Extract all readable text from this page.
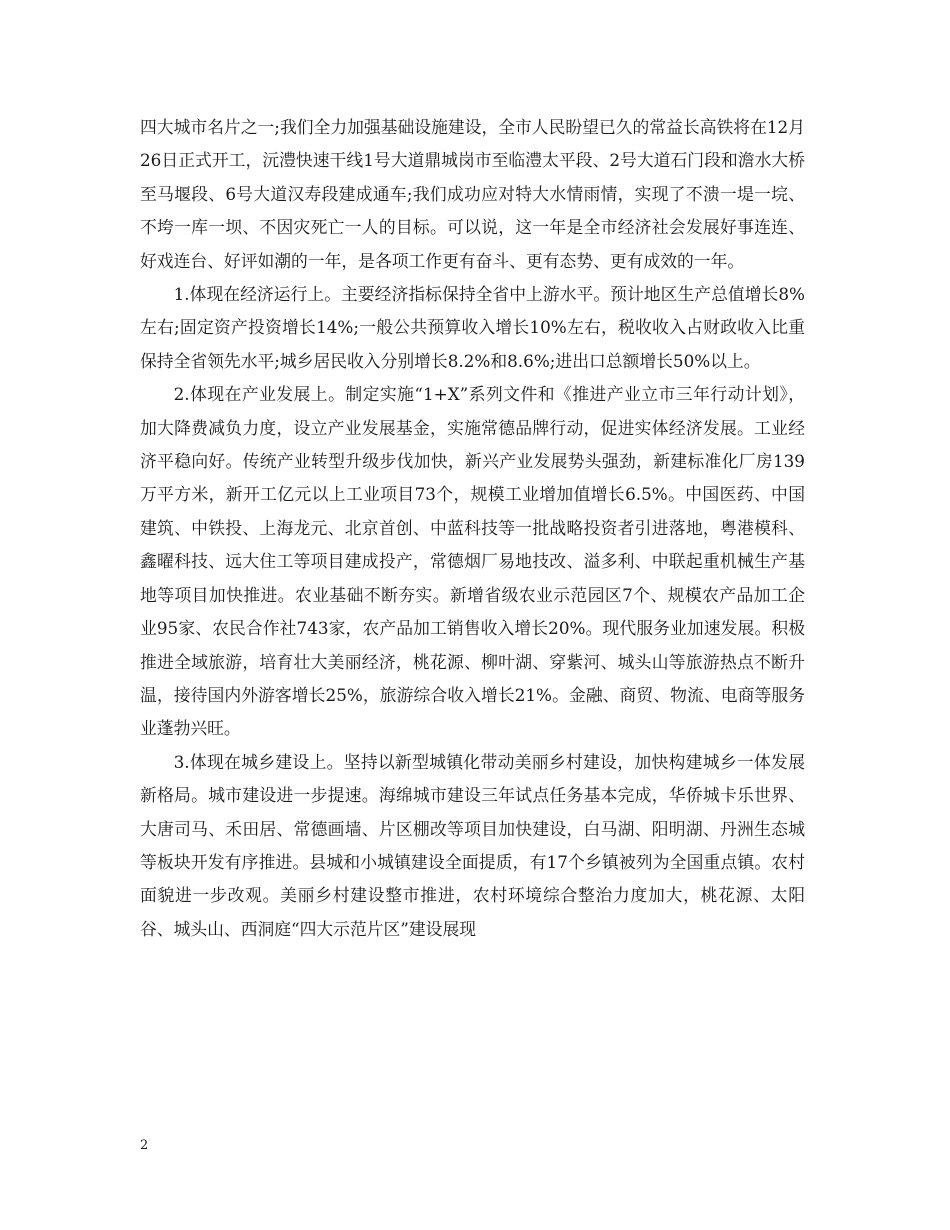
四大城市名片之一;我们全力加强基础设施建设，全市人民盼望已久的常益长高铁将在12月26日正式开工，沅澧快速干线1号大道鼎城岗市至临澧太平段、2号大道石门段和澹水大桥至马堰段、6号大道汉寿段建成通车;我们成功应对特大水情雨情，实现了不溃一堤一垸、不垮一库一坝、不因灾死亡一人的目标。可以说，这一年是全市经济社会发展好事连连、好戏连台、好评如潮的一年，是各项工作更有奋斗、更有态势、更有成效的一年。

1.体现在经济运行上。主要经济指标保持全省中上游水平。预计地区生产总值增长8%左右;固定资产投资增长14%;一般公共预算收入增长10%左右，税收收入占财政收入比重保持全省领先水平;城乡居民收入分别增长8.2%和8.6%;进出口总额增长50%以上。

2.体现在产业发展上。制定实施“1+X”系列文件和《推进产业立市三年行动计划》，加大降费减负力度，设立产业发展基金，实施常德品牌行动，促进实体经济发展。工业经济平稳向好。传统产业转型升级步伐加快，新兴产业发展势头强劲，新建标准化厂房139万平方米，新开工亿元以上工业项目73个，规模工业增加值增长6.5%。中国医药、中国建筑、中铁投、上海龙元、北京首创、中蓝科技等一批战略投资者引进落地，粤港模科、鑫曜科技、远大住工等项目建成投产，常德烟厂易地技改、溢多利、中联起重机械生产基地等项目加快推进。农业基础不断夯实。新增省级农业示范园区7个、规模农产品加工企业95家、农民合作社743家，农产品加工销售收入增长20%。现代服务业加速发展。积极推进全域旅游，培育壮大美丽经济，桃花源、柳叶湖、穿紫河、城头山等旅游热点不断升温，接待国内外游客增长25%，旅游综合收入增长21%。金融、商贸、物流、电商等服务业蓬勃兴旺。

3.体现在城乡建设上。坚持以新型城镇化带动美丽乡村建设，加快构建城乡一体发展新格局。城市建设进一步提速。海绵城市建设三年试点任务基本完成，华侨城卡乐世界、大唐司马、禾田居、常德画墙、片区棚改等项目加快建设，白马湖、阳明湖、丹洲生态城等板块开发有序推进。县城和小城镇建设全面提质，有17个乡镇被列为全国重点镇。农村面貌进一步改观。美丽乡村建设整市推进，农村环境综合整治力度加大，桃花源、太阳谷、城头山、西洞庭“四大示范片区”建设展现

2
